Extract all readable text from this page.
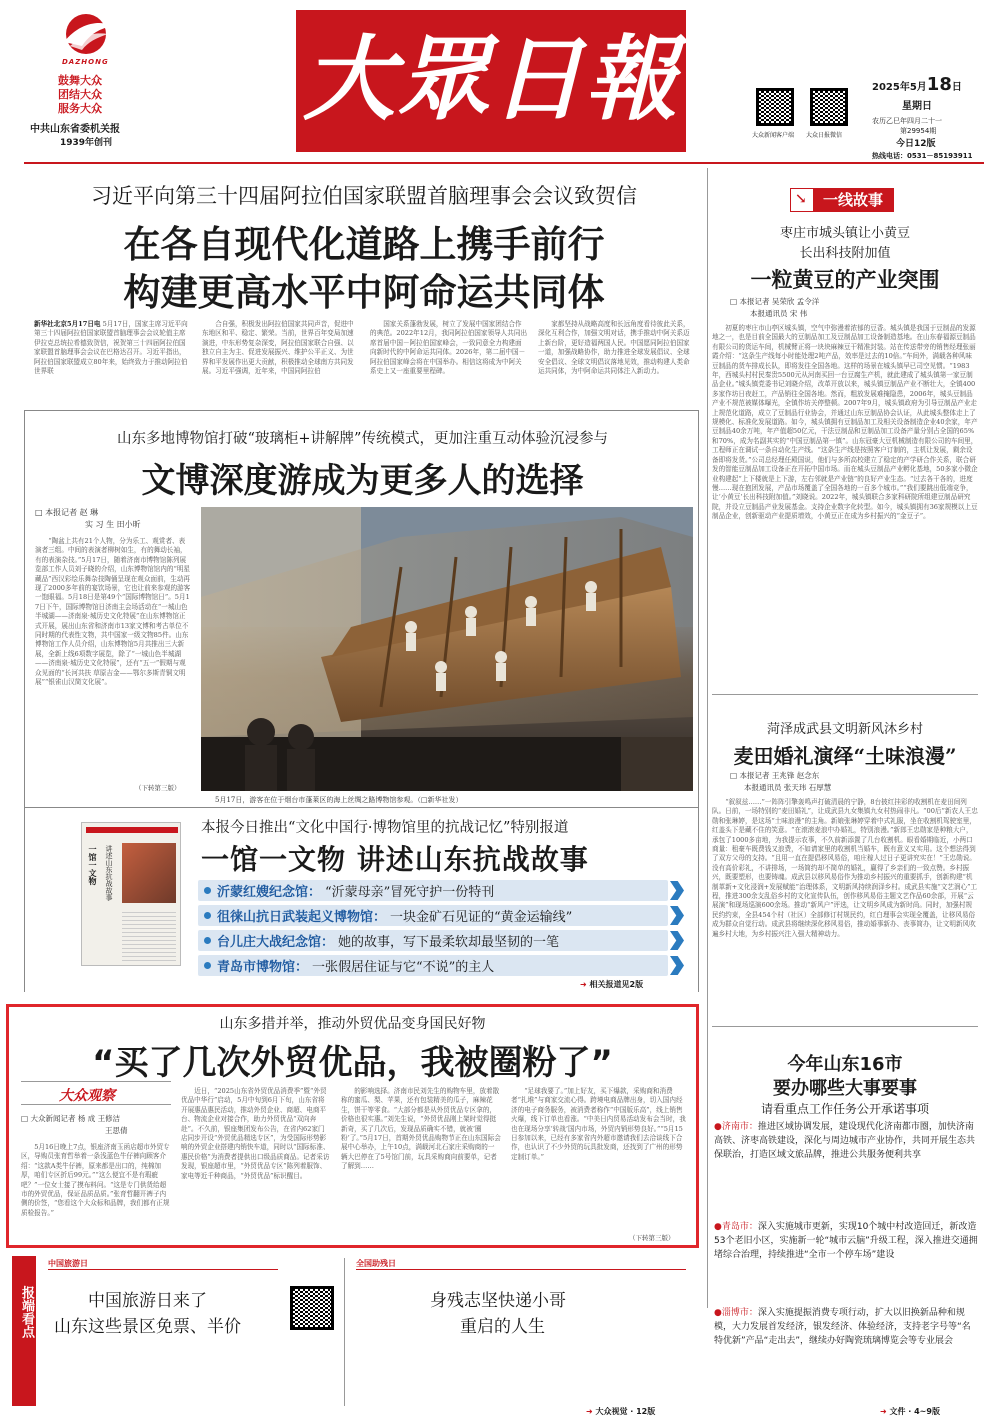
DAZHONG
鼓舞大众
团结大众
服务大众
中共山东省委机关报
1939年创刊
大眾日報	2025年5月18日
星期日
农历乙巳年四月二十一
第29954期
今日12版
热线电话：0531－85193911
大众新闻客户端 大众日报微信
习近平向第三十四届阿拉伯国家联盟首脑理事会会议致贺信
在各自现代化道路上携手前行
构建更高水平中阿命运共同体

新华社北京5月17日电 5月17日，国家主席习近平向第三十四届阿拉伯国家联盟首脑理事会会议轮值主席伊拉克总统拉希德致贺信，祝贺第三十四届阿拉伯国家联盟首脑理事会会议在巴格达召开。习近平指出，阿拉伯国家联盟成立80年来，始终致力于推动阿拉伯世界联

合自强，积极发出阿拉伯国家共同声音，促进中东地区和平、稳定、繁荣。当前，世界百年变局加速演进，中东形势复杂深变，阿拉伯国家联合自强、以独立自主为主、促进发展振兴、维护公平正义、为世界和平发展作出更大贡献，积极推动全球南方共同发展。习近平强调，近年来，中国同阿拉伯

国家关系蓬勃发展，树立了发展中国家团结合作的典范。2022年12月，我同阿拉伯国家领导人共同出席首届中国－阿拉伯国家峰会，一致同意全力构建面向新时代的中阿命运共同体。2026年，第二届中国－阿拉伯国家峰会将在中国举办。相信这将成为中阿关系史上又一座重要里程碑。

家都坚持从战略高度和长远角度看待彼此关系，深化互利合作，加强文明对话，携手推动中阿关系迈上新台阶，更好造福两国人民。中国愿同阿拉伯国家一道，加强战略协作，助力推进全球发展倡议、全球安全倡议、全球文明倡议落地见效，推动构建人类命运共同体，为中阿命运共同体注入新动力。

山东多地博物馆打破“玻璃柜+讲解牌”传统模式，更加注重互动体验沉浸参与
文博深度游成为更多人的选择
□ 本报记者 赵 琳
实 习 生 田小昕

“陶盆上共有21个人物，分为乐工、观赏者、表演者三组。中间的表演者柳树如生，有的舞动长袖，有的表演杂技。”5月17日，随着济南市博物馆陈列展览部工作人员刘子晓的介绍，山东博物馆馆内的“明星藏品”西汉彩绘乐舞杂技陶俑呈现在观众面前，生动再现了2000多年前的宴饮场景，它也让前来参观的游客一饱眼福。5月18日是第49个“国际博物馆日”。5月17日下午，国际博物馆日济南主会场活动在“一城山色半城湖——济南泉·城历史文化特展”在山东博物馆正式开展，展出山东省和济南市13家文博和考古单位不同时期的代表性文物，共中国家一级文物85件。山东博物馆工作人员介绍，山东博物馆5月共推出三大新展，全新上线6项数字展览，除了“一城山色半城湖——济南泉·城历史文化特展”，还有“五一”假期与观众见面的“长河共扶 草原吉金——鄂尔多斯青铜文明展”“银雀山汉简文化展”。

（下转第三版）
5月17日，游客在位于烟台市蓬莱区的海上丝绸之路博物馆参观。（□新华社发）
一馆一文物 讲述山东抗战故事
本报今日推出“文化中国行·博物馆里的抗战记忆”特别报道
一馆一文物 讲述山东抗战故事
沂蒙红嫂纪念馆： “沂蒙母亲”冒死守护一份特刊
徂徕山抗日武装起义博物馆： 一块金矿石见证的“黄金运输线”
台儿庄大战纪念馆： 她的故事，写下最柔软却最坚韧的一笔
青岛市博物馆： 一张假居住证与它“不说”的主人
➜ 相关报道见2版
山东多措并举，推动外贸优品变身国民好物
“买了几次外贸优品，我被圈粉了”
大众观察
□ 大众新闻记者 杨 成 王修洁
王思倩

5月16日晚上7点，银座济南玉函店超市外贸专区，导购员张育哲举着一条浅蓝色牛仔裤向顾客介绍：“这款A类牛仔裤，原来都是出口的，纯棉加厚，咱们专区折后99元。”“这么便宜不是有瑕疵吧？”一位女士接了摸布料问。“这是专门供货给超市的外贸优品，保证品质品质。”张育哲翻开裤子内侧的价签，“您看这个大众标和品牌，我们都有正规质检报告。”

近日，“2025山东省外贸优品消费季”暨“外贸优品中华行”启动，5月中旬到6月下旬，山东省将开展惠品惠民活动，推动外贸企业、商超、电商平台、物流企业对接合作，助力外贸优品“双向奔赴”。不久前，银座集团发布公告，在省内62家门店同步开设“外贸优品精选专区”，为受国际形势影响的外贸企业搭建内销快车道，同时以“国际标准、惠民价格”为消费者提供出口级品质商品。记者采访发现，银座超市里，“外贸优品专区”陈列着服饰、家电等近千种商品，“外贸优品”标识醒目。

的影响选择。济南市民刘先生的购物车里，放着散称的蜜瓜、梨、苹果，还有包装精美的瓜子，麻辣花生，饼干等零食。“大部分都是从外贸优品专区拿的，价格也很实惠。”刘先生说，“外贸优品刚上架时觉得挺新奇，买了几次后，发现品质确实不错，就被‘圈粉’了。”5月17日，首期外贸优品购物节正在山东国际会展中心举办，上午10点，满载河北石家庄采购商的一辆大巴停在了5号馆门前，玩具采购商向前要单，记者了解到……

“足球我要了。”加上好友，买下爆款，采购商和消费者“扎堆”与商家交流心得。跨境电商品牌出身，切入国内经济的电子商务服务，被消费者称作“中国版乐高”，线上销售火爆，线下订单也看涨。“中美日内贸易活动发布会当时，我也在现场分享‘转战’国内市场，外贸内销形势良好。”“5月15日参加以来，已经有多家省内外超市邀请我们去洽谈线下合作，也认识了不少外贸的玩具批发商，还找到了广州的形势定制订单。”

（下转第三版）
↘	一线故事
枣庄市城头镇让小黄豆
长出科技附加值
一粒黄豆的产业突围
□ 本报记者 吴荣欣 孟令洋
本报通讯员 宋 伟

初夏的枣庄市山亭区城头镇，空气中弥漫着浓郁的豆香。城头镇是我国于豆制品的发源地之一，也是目前全国最大的豆制品加工及豆制品加工设备制造基地。在山东春福源豆制品有限公司的货运车间，机械臂正将一块块麻辣豆干精准封装。站在传送带旁的销售经理张丽霞介绍：“这条生产线每小时能处理2吨产品，效率是过去的10倍。”车间外，满载各种风味豆制品的货车排成长队，即将发往全国各地。这样的场景在城头镇早已司空见惯。“1983年，西城头村村民秦贵5500元从河南买回一台豆腐生产机，就此建成了城头镇第一家豆制品企业。”城头镇党委书记刘晓介绍，改革开放以来，城头镇豆制品产业不断壮大，全镇400多家作坊日夜赶工，产品销往全国各地。然而，粗放发展难掩隐患，2006年，城头豆制品产业不规范被媒体曝光，全镇作坊关停整顿。2007年9月，城头镇政府为引导豆制品产业走上规范化道路，成立了豆制品行业协会，并通过山东豆制品协会认证，从此城头整体走上了规模化、标准化发展道路。如今，城头镇拥有豆制品加工及相关设备制造企业40余家，年产豆制品40余万吨，年产值超50亿元，干法豆制品和豆制品加工设备产量分别占全国的65%和70%，成为名副其实的“中国豆制品第一镇”。山东冠豪大豆机械制造有限公司的车间里，工程师正在调试一条自动化生产线。“这条生产线是按照客户订制的，主机让发展，剩余设备即将发货。”公司总经理任殿国说，他们与多所高校建立了稳定的产学研合作关系，联合研发的智能豆制品加工设备正在开拓中国市场。而在城头豆制品产业孵化基地，50多家小微企业构建起“上下楼就是上下游，左右邻就是产业链”的良好产业生态。“过去各干各的，进度慢……现在抱团发展，产品市场覆盖了全国各地的一百多个城市。”“我们要跳出低端竞争，让‘小黄豆’长出科技附加值。”刘晓说。2022年，城头镇联合多家科研院所组建豆制品研究院，并设立豆制品产业发展基金。支持企业数字化转型。如今，城头镇拥有36家规模以上豆制品企业，创新驱动产业提质增效，小黄豆正在成为乡村振兴的“金豆子”。

菏泽成武县文明新风沐乡村
麦田婚礼演绎“土味浪漫”
□ 本报记者 王兆锋 赵念东
本报通讯员 张天玮 石厚慧

“叙叙兹……”一阵阵引擎轰鸣声打破清晨的宁静，8台披红挂彩的收割机在麦田间列队。日前，一场特别的“麦田婚礼”，让成武县九女集镇九女村热闹非凡。“00后”新农人王忠勋和张琳婷，是这场“土味浪漫”的主角。新娘张琳婷穿着中式礼服，坐在收割机驾驶室里，红盖头下是藏不住的笑意。“在滚滚麦浪中办婚礼，特别浪漫。”新郎王忠勋家是种粮大户，承包了1000多亩地，为我提示农事，不久前新添置了几台收割机。眼看婚期临近，小两口商量：租豪车既费钱又浪费，不如请家里的收割机当婚车，既有意义又实用。这个想法得到了双方父母的支持。“且用一直在提倡移风易俗，咱庄稼人过日子更讲究实在！”王忠勋说。没有高价彩礼，不讲排场，一场简约却不简单的婚礼，赢得了乡亲们的一致点赞。乡村振兴，既要塑形，也要铸魂。成武县以移风易俗作为推动乡村振兴的重要抓手，创新构建“机制革新+文化浸润+发展赋能”治理体系，文明新风持续润泽乡村。成武县实施“文艺润心”工程，推进300余支乱俗乡村的文化宣传队伍，创作移风易俗主题文艺作品60余部，开展“云展演”和现场巡演600余场。推动“新风户”评选，让文明乡风成为新时尚。同时，加强村规民约约束，全县454个村（社区）全部修订村规民约，红白理事会实现全覆盖，让移风易俗成为群众自觉行动。成武县将继续深化移风易俗，推动婚事新办、丧事简办，让文明新风吹遍乡村大地，为乡村振兴注入强大精神动力。

今年山东16市
要办哪些大事要事
请看重点工作任务公开承诺事项
●济南市：推进区域协调发展，建设现代化济南都市圈，加快济南高铁、济枣高铁建设，深化与周边城市产业协作，共同开展生态共保联治，打造区域文旅品牌，推进公共服务便利共享
●青岛市：深入实施城市更新，实现10个城中村改造回迁，新改造53个老旧小区，实施新一轮“城市云脑”升级工程，深入推进交通拥堵综合治理，持续推进“全市一个停车场”建设
●淄博市：深入实施提振消费专项行动，扩大以旧换新品种和规模，大力发展首发经济，银发经济、体验经济，支持老字号等“名特优新”产品“走出去”，继续办好陶瓷琉璃博览会等专业展会
➜ 文件 · 4~9版
报端看点
中国旅游日
中国旅游日来了
山东这些景区免票、半价
全国助残日
身残志坚快递小哥
重启的人生
➜ 大众视觉 · 12版
